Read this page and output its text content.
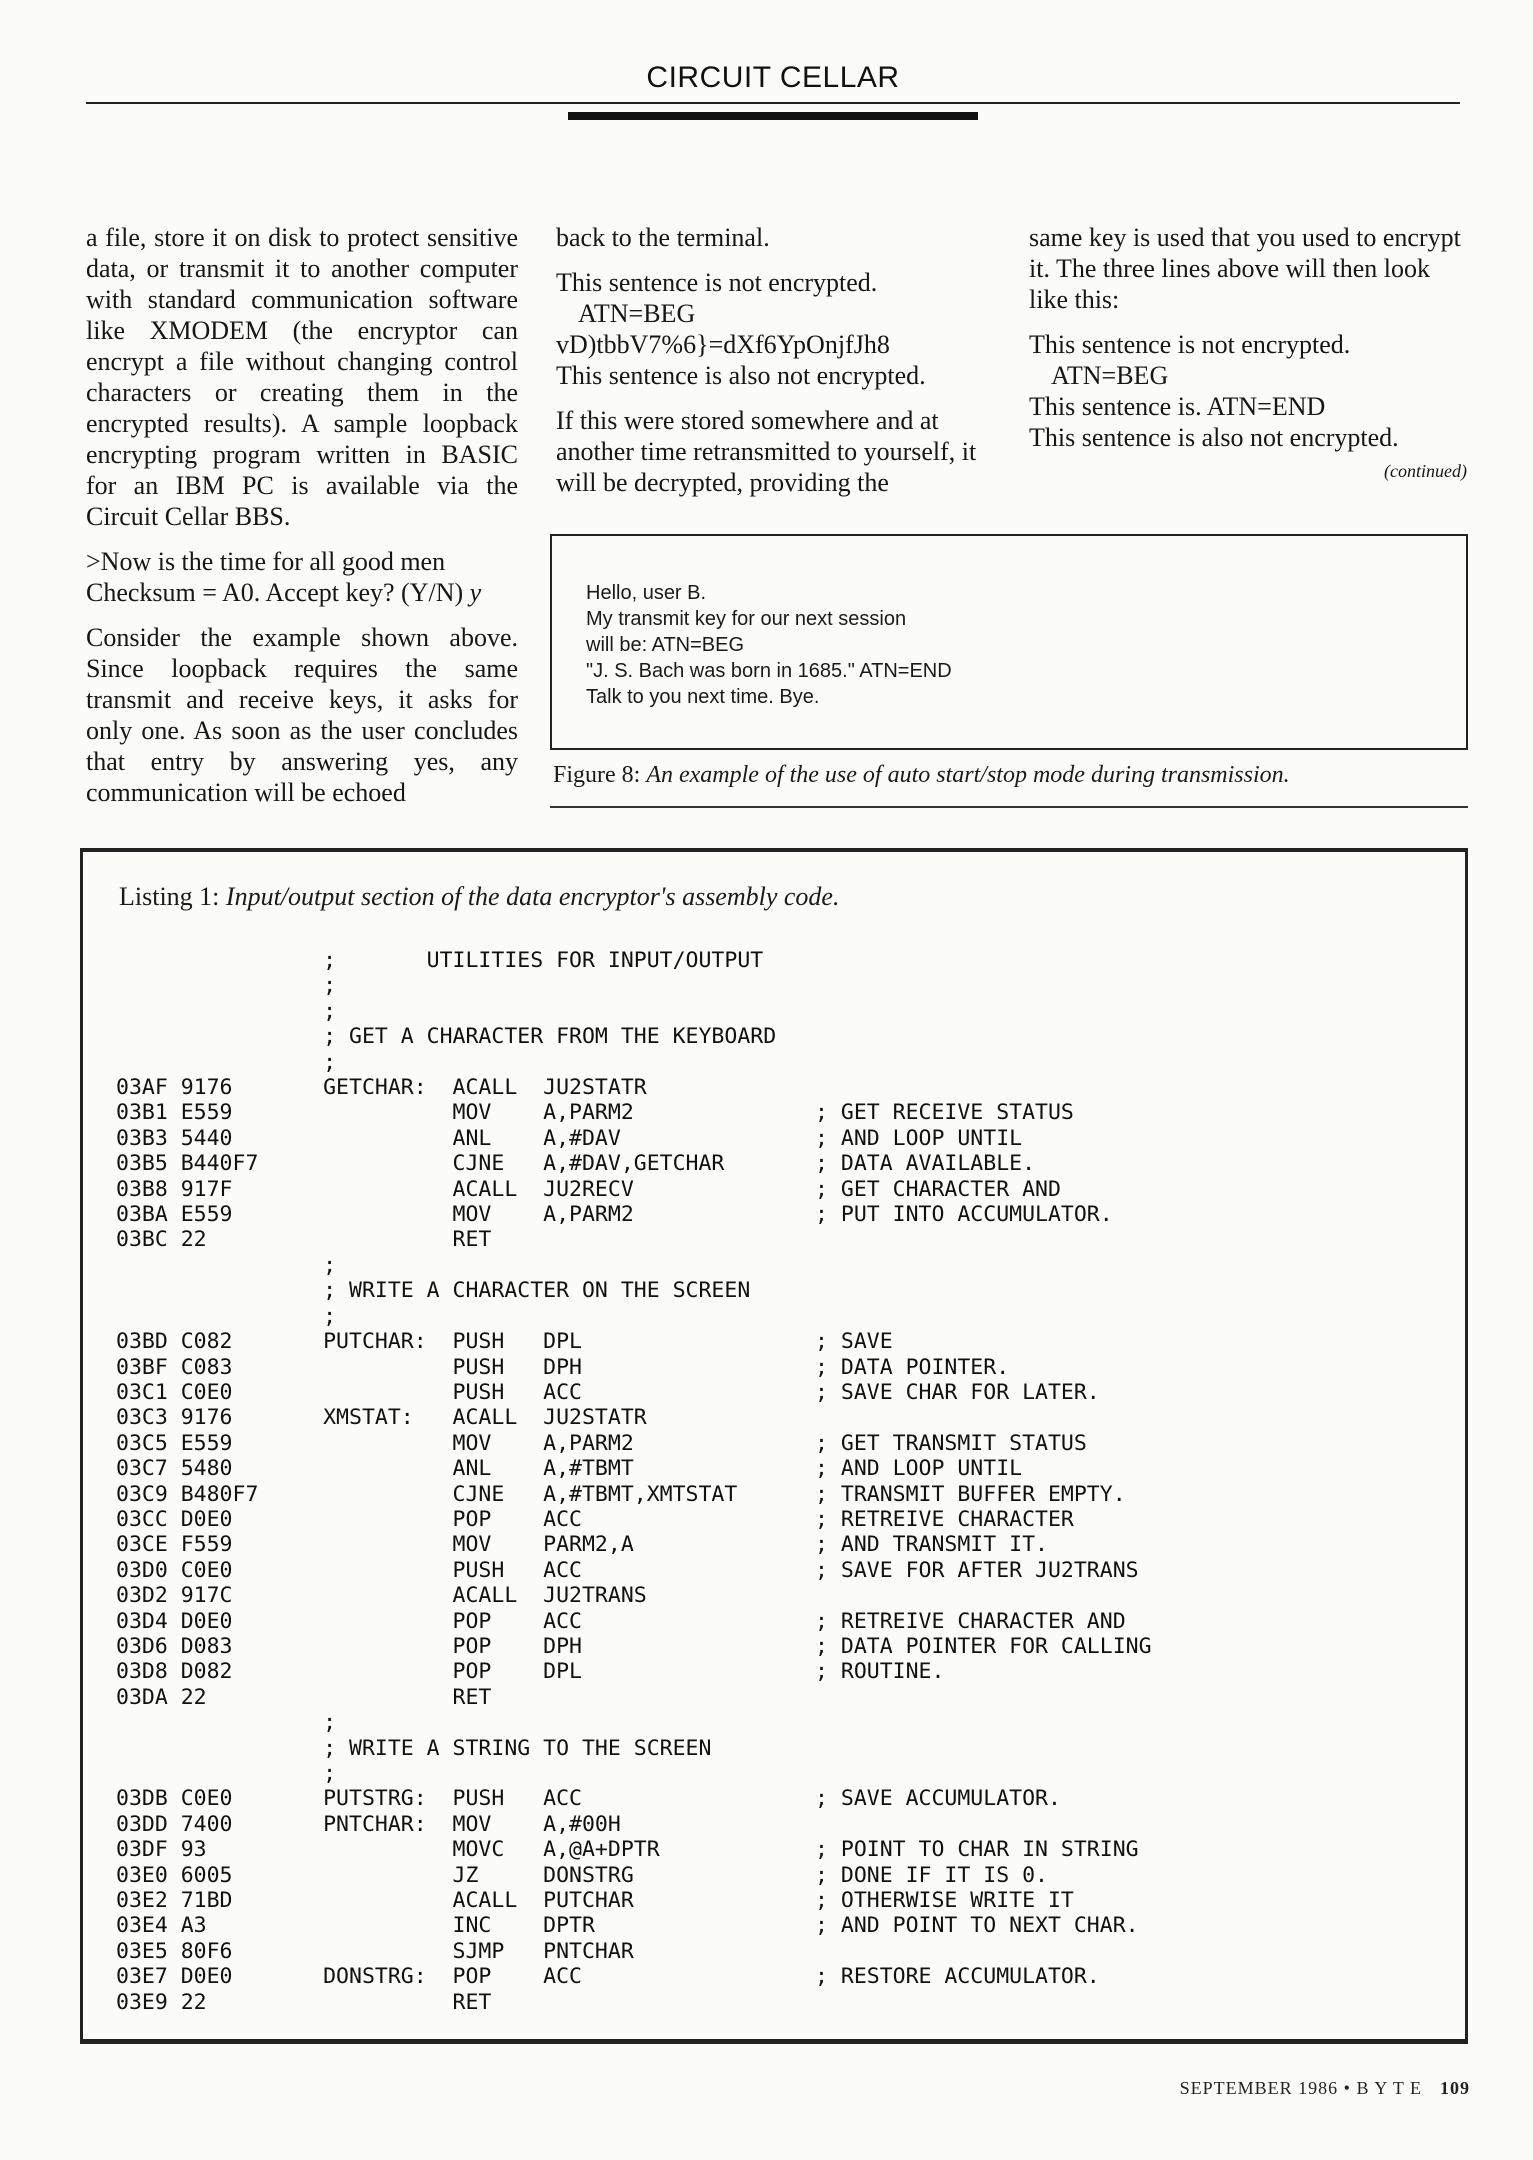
CIRCUIT CELLAR

a file, store it on disk to protect sensitive data, or transmit it to another computer with standard communication software like XMODEM (the encryptor can encrypt a file without changing control characters or creating them in the encrypted results). A sample loopback encrypting program written in BASIC for an IBM PC is available via the Circuit Cellar BBS.

>Now is the time for all good men
Checksum = A0. Accept key? (Y/N) y

Consider the example shown above. Since loopback requires the same transmit and receive keys, it asks for only one. As soon as the user concludes that entry by answering yes, any communication will be echoed

back to the terminal.

This sentence is not encrypted.
ATN=BEG
vD)tbbV7%6}=dXf6YpOnjfJh8
This sentence is also not encrypted.

If this were stored somewhere and at another time retransmitted to yourself, it will be decrypted, providing the

same key is used that you used to encrypt it. The three lines above will then look like this:

This sentence is not encrypted.
ATN=BEG
This sentence is. ATN=END
This sentence is also not encrypted.
(continued)
Hello, user B.
My transmit key for our next session
will be: ATN=BEG
"J. S. Bach was born in 1685." ATN=END
Talk to you next time. Bye.
Figure 8: An example of the use of auto start/stop mode during transmission.
Listing 1: Input/output section of the data encryptor's assembly code.
;       UTILITIES FOR INPUT/OUTPUT
;
;
; GET A CHARACTER FROM THE KEYBOARD
;
03AF 9176       GETCHAR:  ACALL  JU2STATR
03B1 E559                 MOV    A,PARM2              ; GET RECEIVE STATUS
03B3 5440                 ANL    A,#DAV               ; AND LOOP UNTIL
03B5 B440F7               CJNE   A,#DAV,GETCHAR       ; DATA AVAILABLE.
03B8 917F                 ACALL  JU2RECV              ; GET CHARACTER AND
03BA E559                 MOV    A,PARM2              ; PUT INTO ACCUMULATOR.
03BC 22                   RET
;
; WRITE A CHARACTER ON THE SCREEN
;
03BD C082       PUTCHAR:  PUSH   DPL                  ; SAVE
03BF C083                 PUSH   DPH                  ; DATA POINTER.
03C1 C0E0                 PUSH   ACC                  ; SAVE CHAR FOR LATER.
03C3 9176       XMSTAT:   ACALL  JU2STATR
03C5 E559                 MOV    A,PARM2              ; GET TRANSMIT STATUS
03C7 5480                 ANL    A,#TBMT              ; AND LOOP UNTIL
03C9 B480F7               CJNE   A,#TBMT,XMTSTAT      ; TRANSMIT BUFFER EMPTY.
03CC D0E0                 POP    ACC                  ; RETREIVE CHARACTER
03CE F559                 MOV    PARM2,A              ; AND TRANSMIT IT.
03D0 C0E0                 PUSH   ACC                  ; SAVE FOR AFTER JU2TRANS
03D2 917C                 ACALL  JU2TRANS
03D4 D0E0                 POP    ACC                  ; RETREIVE CHARACTER AND
03D6 D083                 POP    DPH                  ; DATA POINTER FOR CALLING
03D8 D082                 POP    DPL                  ; ROUTINE.
03DA 22                   RET
;
; WRITE A STRING TO THE SCREEN
;
03DB C0E0       PUTSTRG:  PUSH   ACC                  ; SAVE ACCUMULATOR.
03DD 7400       PNTCHAR:  MOV    A,#00H
03DF 93                   MOVC   A,@A+DPTR            ; POINT TO CHAR IN STRING
03E0 6005                 JZ     DONSTRG              ; DONE IF IT IS 0.
03E2 71BD                 ACALL  PUTCHAR              ; OTHERWISE WRITE IT
03E4 A3                   INC    DPTR                 ; AND POINT TO NEXT CHAR.
03E5 80F6                 SJMP   PNTCHAR
03E7 D0E0       DONSTRG:  POP    ACC                  ; RESTORE ACCUMULATOR.
03E9 22                   RET
SEPTEMBER 1986 • B Y T E 109
